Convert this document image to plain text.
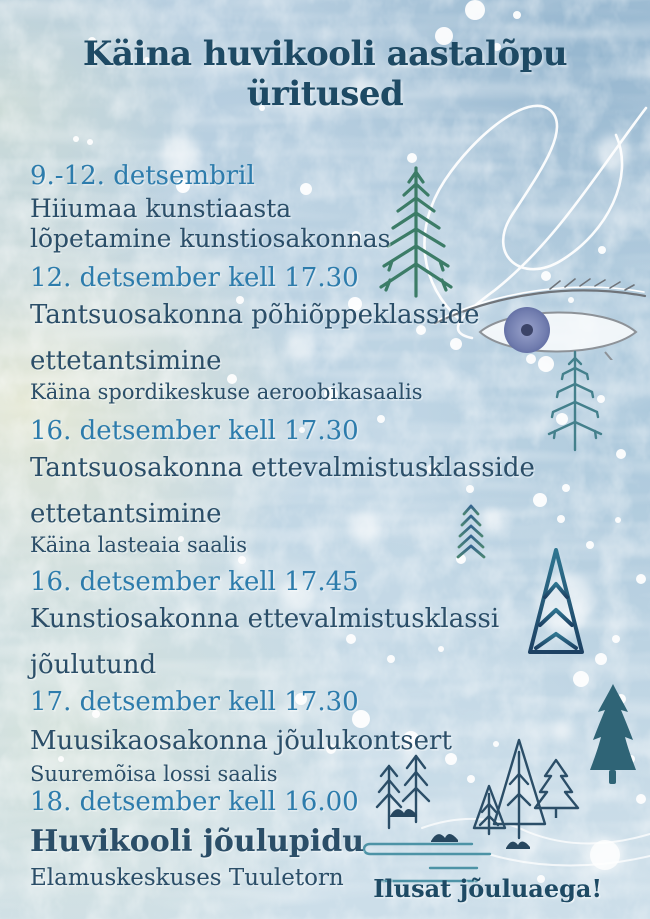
Käina huvikooli aastalõpu üritused
9.-12. detsembril
Hiiumaa kunstiaasta
lõpetamine kunstiosakonnas
12. detsember kell 17.30
Tantsuosakonna põhiõppeklasside
ettetantsimine
Käina spordikeskuse aeroobikasaalis
16. detsember kell 17.30
Tantsuosakonna ettevalmistusklasside
ettetantsimine
Käina lasteaia saalis
16. detsember kell 17.45
Kunstiosakonna ettevalmistusklassi
jõulutund
17. detsember kell 17.30
Muusikaosakonna jõulukontsert
Suuremõisa lossi saalis
18. detsember kell 16.00
Huvikooli jõulupidu
Elamuskeskuses Tuuletorn	Ilusat jõuluaega!
